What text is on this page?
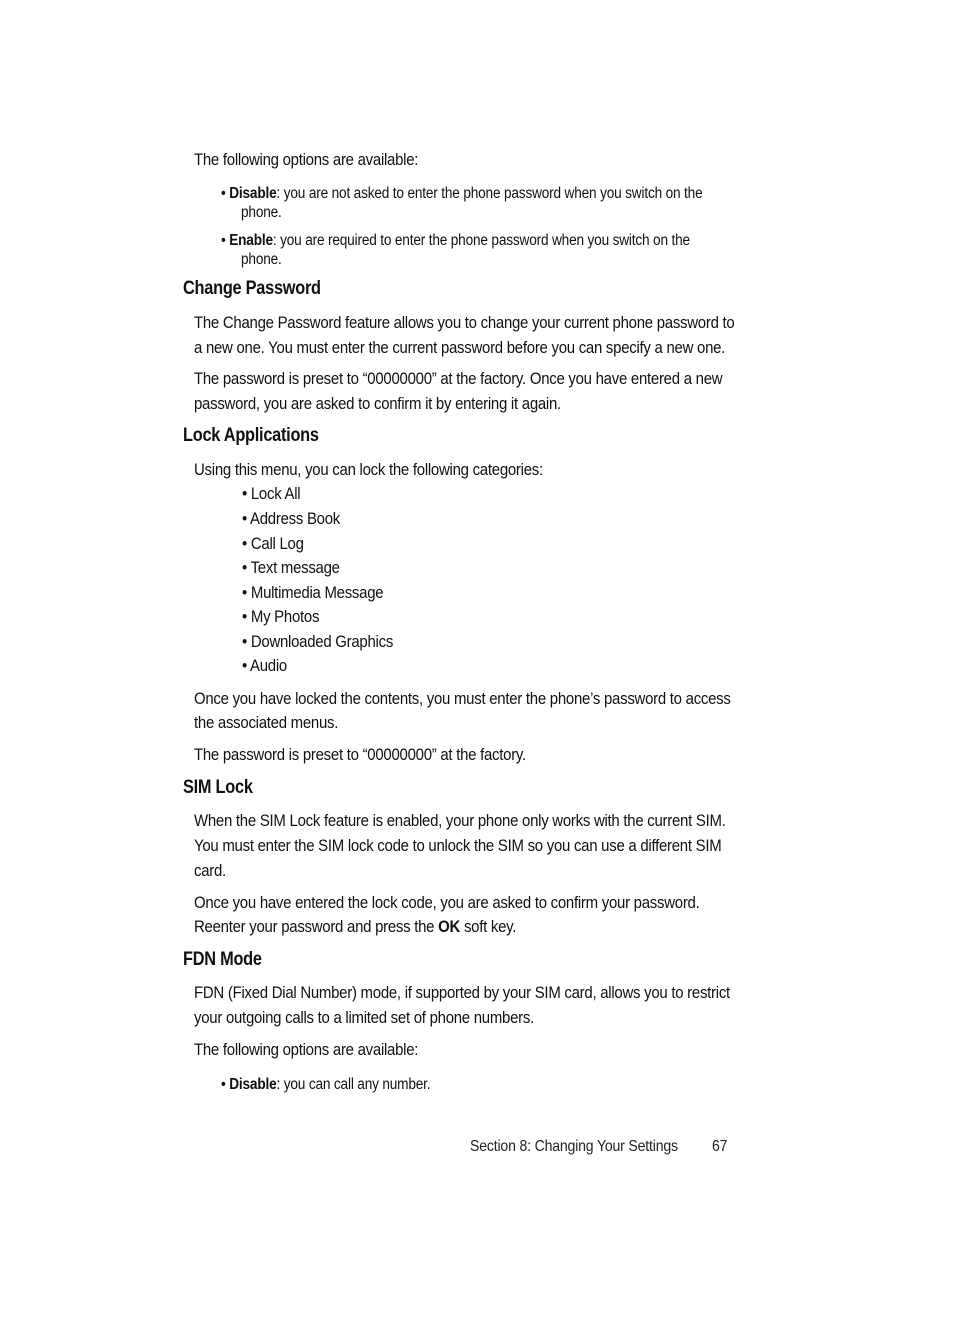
The following options are available:
• Disable: you are not asked to enter the phone password when you switch on the
phone.
• Enable: you are required to enter the phone password when you switch on the
phone.
Change Password
The Change Password feature allows you to change your current phone password to
a new one. You must enter the current password before you can specify a new one.
The password is preset to “00000000” at the factory. Once you have entered a new
password, you are asked to confirm it by entering it again.
Lock Applications
Using this menu, you can lock the following categories:
• Lock All
• Address Book
• Call Log
• Text message
• Multimedia Message
• My Photos
• Downloaded Graphics
• Audio
Once you have locked the contents, you must enter the phone’s password to access
the associated menus.
The password is preset to “00000000” at the factory.
SIM Lock
When the SIM Lock feature is enabled, your phone only works with the current SIM.
You must enter the SIM lock code to unlock the SIM so you can use a different SIM
card.
Once you have entered the lock code, you are asked to confirm your password.
Reenter your password and press the OK soft key.
FDN Mode
FDN (Fixed Dial Number) mode, if supported by your SIM card, allows you to restrict
your outgoing calls to a limited set of phone numbers.
The following options are available:
• Disable: you can call any number.
Section 8: Changing Your Settings 67
